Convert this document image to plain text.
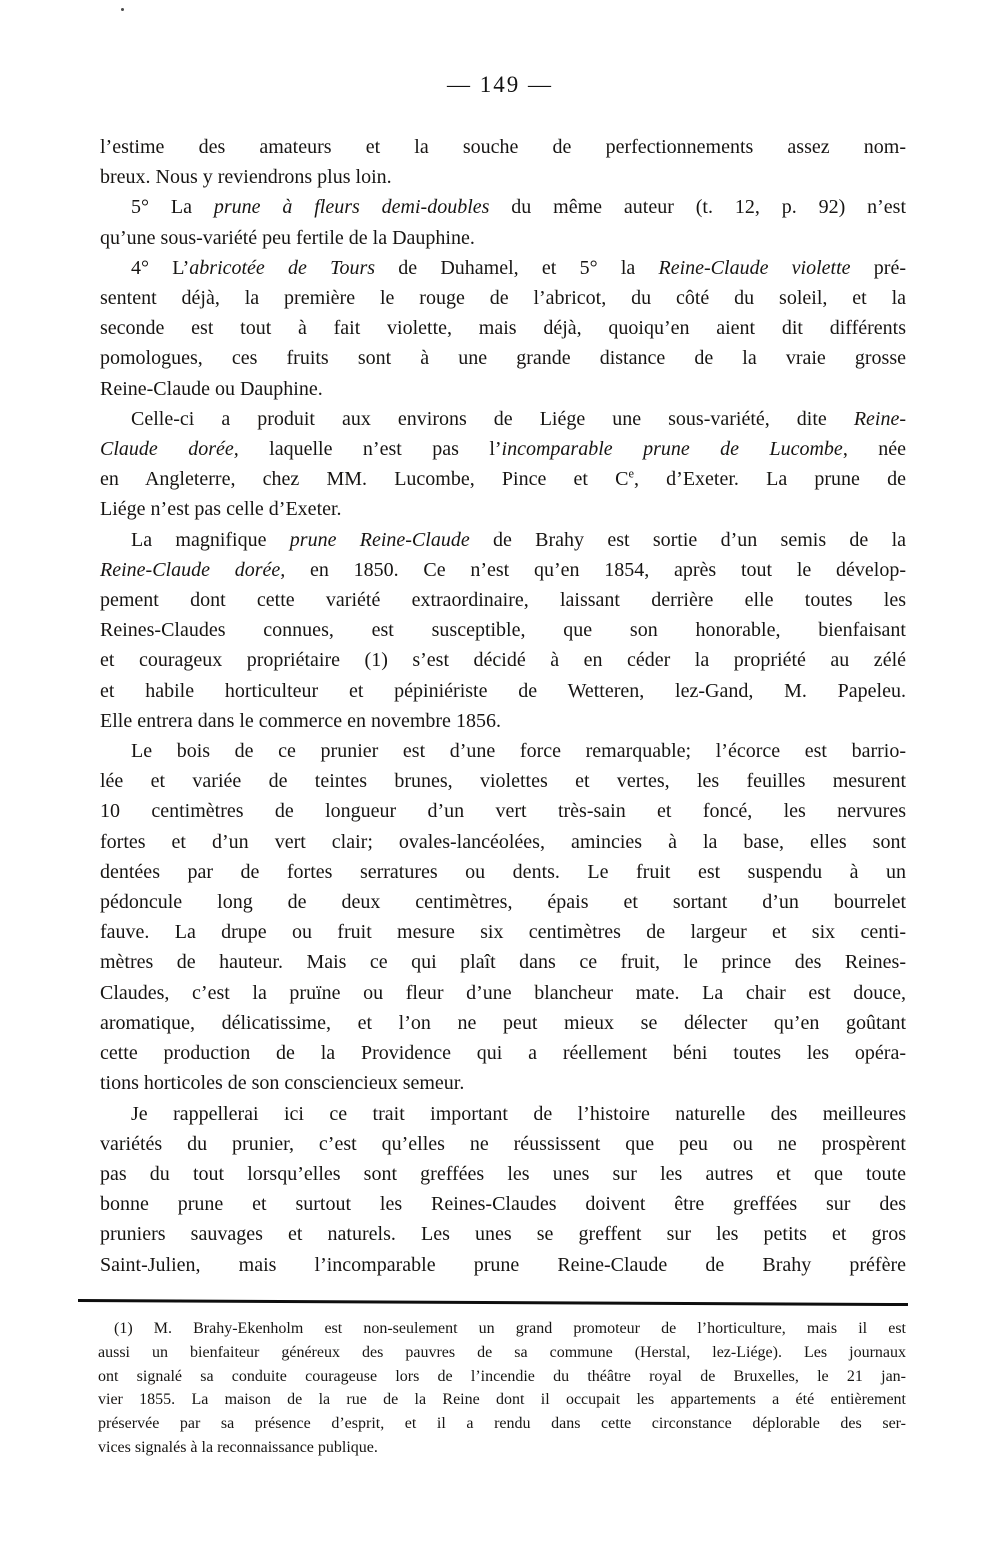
— 149 —
l’estime des amateurs et la souche de perfectionnements assez nom-
breux. Nous y reviendrons plus loin.
5° La prune à fleurs demi-doubles du même auteur (t. 12, p. 92) n’est
qu’une sous-variété peu fertile de la Dauphine.
4° L’abricotée de Tours de Duhamel, et 5° la Reine-Claude violette pré-
sentent déjà, la première le rouge de l’abricot, du côté du soleil, et la
seconde est tout à fait violette, mais déjà, quoiqu’en aient dit différents
pomologues, ces fruits sont à une grande distance de la vraie grosse
Reine-Claude ou Dauphine.
Celle-ci a produit aux environs de Liége une sous-variété, dite Reine-
Claude dorée, laquelle n’est pas l’incomparable prune de Lucombe, née
en Angleterre, chez MM. Lucombe, Pince et Ce, d’Exeter. La prune de
Liége n’est pas celle d’Exeter.
La magnifique prune Reine-Claude de Brahy est sortie d’un semis de la
Reine-Claude dorée, en 1850. Ce n’est qu’en 1854, après tout le dévelop-
pement dont cette variété extraordinaire, laissant derrière elle toutes les
Reines-Claudes connues, est susceptible, que son honorable, bienfaisant
et courageux propriétaire (1) s’est décidé à en céder la propriété au zélé
et habile horticulteur et pépiniériste de Wetteren, lez-Gand, M. Papeleu.
Elle entrera dans le commerce en novembre 1856.
Le bois de ce prunier est d’une force remarquable; l’écorce est barrio-
lée et variée de teintes brunes, violettes et vertes, les feuilles mesurent
10 centimètres de longueur d’un vert très-sain et foncé, les nervures
fortes et d’un vert clair; ovales-lancéolées, amincies à la base, elles sont
dentées par de fortes serratures ou dents. Le fruit est suspendu à un
pédoncule long de deux centimètres, épais et sortant d’un bourrelet
fauve. La drupe ou fruit mesure six centimètres de largeur et six centi-
mètres de hauteur. Mais ce qui plaît dans ce fruit, le prince des Reines-
Claudes, c’est la pruïne ou fleur d’une blancheur mate. La chair est douce,
aromatique, délicatissime, et l’on ne peut mieux se délecter qu’en goûtant
cette production de la Providence qui a réellement béni toutes les opéra-
tions horticoles de son consciencieux semeur.
Je rappellerai ici ce trait important de l’histoire naturelle des meilleures
variétés du prunier, c’est qu’elles ne réussissent que peu ou ne prospèrent
pas du tout lorsqu’elles sont greffées les unes sur les autres et que toute
bonne prune et surtout les Reines-Claudes doivent être greffées sur des
pruniers sauvages et naturels. Les unes se greffent sur les petits et gros
Saint-Julien, mais l’incomparable prune Reine-Claude de Brahy préfère
(1) M. Brahy-Ekenholm est non-seulement un grand promoteur de l’horticulture, mais il est
aussi un bienfaiteur généreux des pauvres de sa commune (Herstal, lez-Liége). Les journaux
ont signalé sa conduite courageuse lors de l’incendie du théâtre royal de Bruxelles, le 21 jan-
vier 1855. La maison de la rue de la Reine dont il occupait les appartements a été entièrement
préservée par sa présence d’esprit, et il a rendu dans cette circonstance déplorable des ser-
vices signalés à la reconnaissance publique.
